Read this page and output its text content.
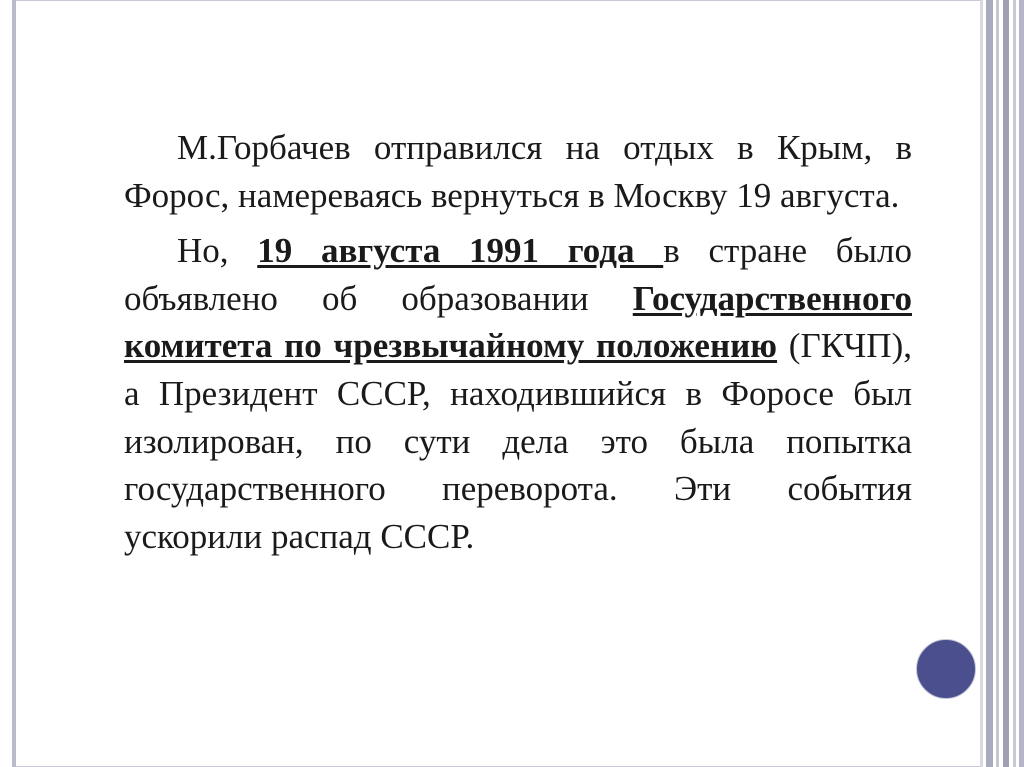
М.Горбачев отправился на отдых в Крым, в Форос, намереваясь вернуться в Москву 19 августа.

Но, 19 августа 1991 года в стране было объявлено об образовании Государственного комитета по чрезвычайному положению (ГКЧП), а Президент СССР, находившийся в Форосе был изолирован, по сути дела это была попытка государственного переворота. Эти события ускорили распад СССР.
